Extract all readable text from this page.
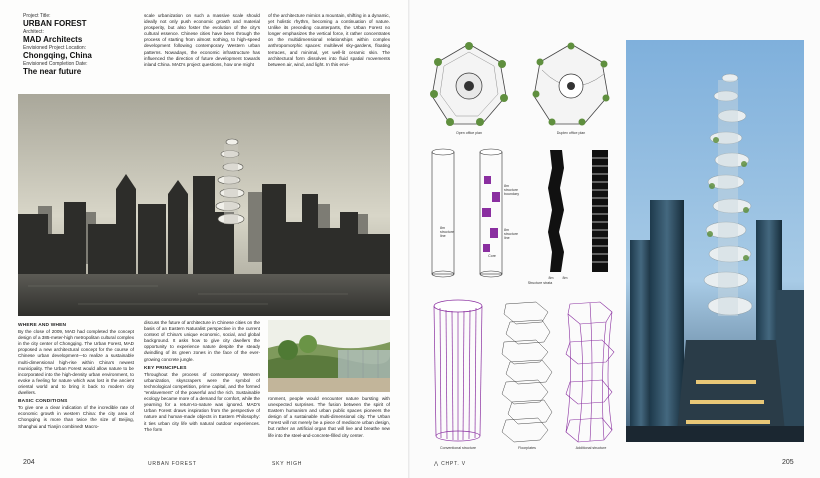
Project Title:
URBAN FOREST
Architect:
MAD Architects
Envisioned Project Location:
Chongqing, China
Envisioned Completion Date:
The near future

scale urbanization on such a massive scale should ideally not only push economic growth and material prosperity, but also foster the evolution of the city's cultural essence. Chinese cities have been through the process of starting from almost nothing, to high-speed development following contemporary Western urban patterns. Nowadays, the economic infrastructure has influenced the direction of future development towards inland China. MAD's project questions, how one might

of the architecture mimics a mountain, shifting in a dynamic, yet holistic rhythm, becoming a continuation of nature. Unlike its preceding counterparts, the Urban Forest no longer emphasizes the vertical force, it rather concentrates on the multidimensional relationships within complex anthropomorphic spaces: multilevel sky-gardens, floating terraces, and minimal, yet well-lit ceramic skin. The architectural form dissolves into fluid spatial movements between air, wind, and light. In this envi-

WHERE AND WHEN

By the close of 2009, MAD had completed the concept design of a 385-meter-high metropolitan cultural complex in the city center of Chongqing. The Urban Forest, MAD proposed a new architectural concept for the course of Chinese urban development—to realize a sustainable multi-dimensional high-rise within China's newest municipality. The Urban Forest would allow nature to be incorporated into the high-density urban environment, to evoke a feeling for nature which was lost in the ancient oriental world and to bring it back to modern city dwellers.

BASIC CONDITIONS

To give one a clear indication of the incredible rate of economic growth in western China: the city area of Chongqing is more than twice the size of Beijing, Shanghai and Tianjin combined! Macro-

discuss the future of architecture in Chinese cities on the basis of an Eastern Naturalist perspective in the current context of China's unique economic, social, and global background. It asks how to give city dwellers the opportunity to experience nature despite the steady dwindling of its green zones in the face of the ever-growing concrete jungle.

KEY PRINCIPLES

Throughout the process of contemporary Western urbanization, skyscrapers were the symbol of technological competition, prime capital, and the formed "enslavement" of the powerful and the rich. Sustainable ecology became more of a demand for comfort, while the yearning for a return-to-nature was ignored. MAD's Urban Forest draws inspiration from the perspective of nature and human-made objects in Eastern Philosophy: it ties urban city life with natural outdoor experiences. The form

ronment, people would encounter nature bursting with unexpected surprises. The fusion between the spirit of Eastern humanism and urban public spaces pioneers the design of a sustainable multi-dimensional city. The Urban Forest will not merely be a piece of mediocre urban design, but rather an artificial organ that will live and breathe new life into the steel-and-concrete-filled city center.

204	URBAN FOREST	SKY HIGH
Open office plan	Duplex office plan
8m structure line
8m structure boundary
8m structure line
Core
8m	8m
Structure strata
Conventional structure	Floorplates	Additional structure
⋀ CHPT. V	205
